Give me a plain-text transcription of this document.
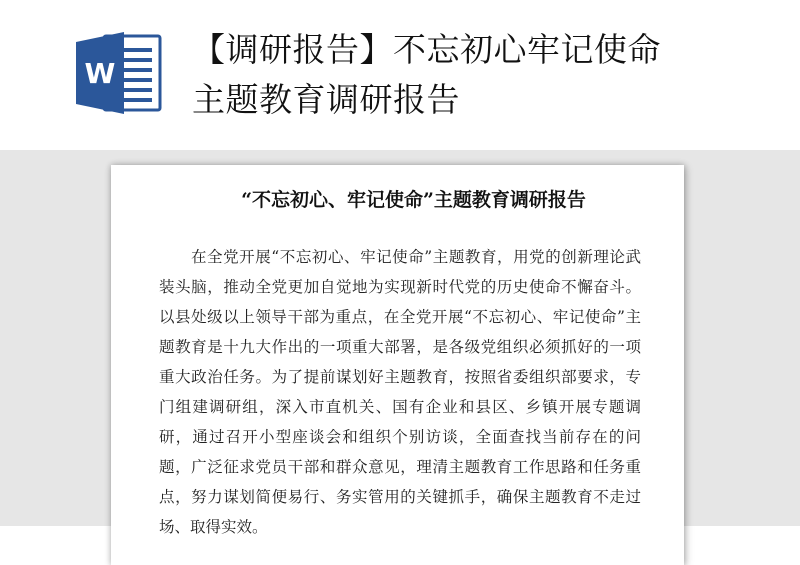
W
【调研报告】不忘初心牢记使命
主题教育调研报告
“不忘初心、牢记使命”主题教育调研报告
在全党开展“不忘初心、牢记使命”主题教育，用党的创新理论武
装头脑，推动全党更加自觉地为实现新时代党的历史使命不懈奋斗。
以县处级以上领导干部为重点，在全党开展“不忘初心、牢记使命”主
题教育是十九大作出的一项重大部署，是各级党组织必须抓好的一项
重大政治任务。为了提前谋划好主题教育，按照省委组织部要求，专
门组建调研组，深入市直机关、国有企业和县区、乡镇开展专题调
研，通过召开小型座谈会和组织个别访谈，全面查找当前存在的问
题，广泛征求党员干部和群众意见，理清主题教育工作思路和任务重
点，努力谋划简便易行、务实管用的关键抓手，确保主题教育不走过
场、取得实效。
